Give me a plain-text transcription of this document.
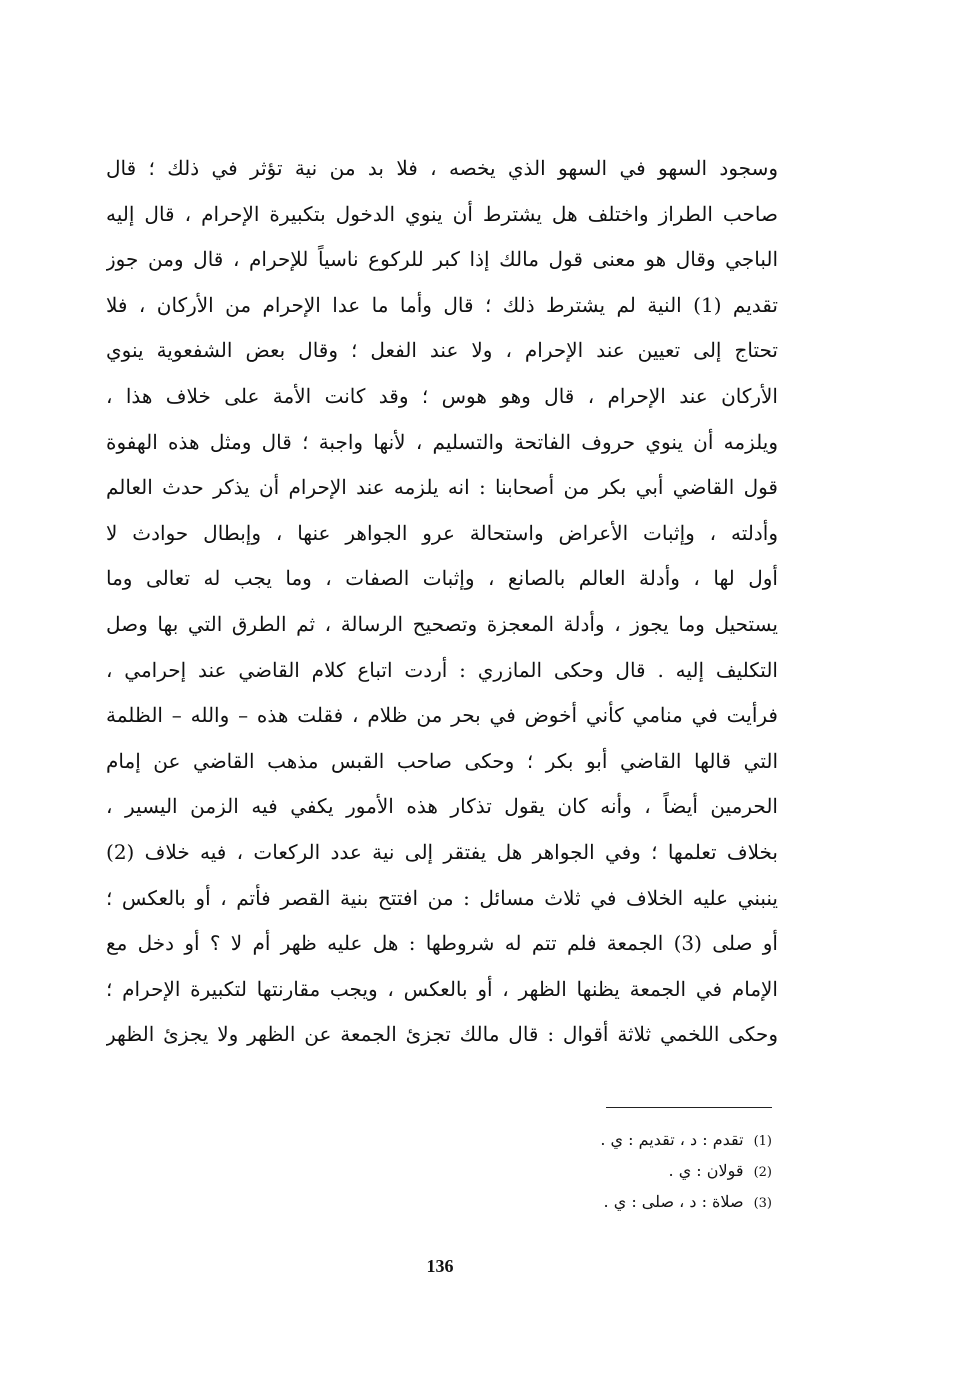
وسجود السهو في السهو الذي يخصه ، فلا بد من نية تؤثر في ذلك ؛ قال
صاحب الطراز واختلف هل يشترط أن ينوي الدخول بتكبيرة الإحرام ، قال إليه
الباجي وقال هو معنى قول مالك إذا كبر للركوع ناسياً للإحرام ، قال ومن جوز
تقديم (1) النية لم يشترط ذلك ؛ قال وأما ما عدا الإحرام من الأركان ، فلا
تحتاج إلى تعيين عند الإحرام ، ولا عند الفعل ؛ وقال بعض الشفعوية ينوي
الأركان عند الإحرام ، قال وهو هوس ؛ وقد كانت الأمة على خلاف هذا ،
ويلزمه أن ينوي حروف الفاتحة والتسليم ، لأنها واجبة ؛ قال ومثل هذه الهفوة
قول القاضي أبي بكر من أصحابنا : انه يلزمه عند الإحرام أن يذكر حدث العالم
وأدلته ، وإثبات الأعراض واستحالة عرو الجواهر عنها ، وإبطال حوادث لا
أول لها ، وأدلة العالم بالصانع ، وإثبات الصفات ، وما يجب له تعالى وما
يستحيل وما يجوز ، وأدلة المعجزة وتصحيح الرسالة ، ثم الطرق التي بها وصل
التكليف إليه . قال وحكى المازري : أردت اتباع كلام القاضي عند إحرامي ،
فرأيت في منامي كأني أخوض في بحر من ظلام ، فقلت هذه – والله – الظلمة
التي قالها القاضي أبو بكر ؛ وحكى صاحب القبس مذهب القاضي عن إمام
الحرمين أيضاً ، وأنه كان يقول تذكار هذه الأمور يكفي فيه الزمن اليسير ،
بخلاف تعلمها ؛ وفي الجواهر هل يفتقر إلى نية عدد الركعات ، فيه خلاف (2)
ينبني عليه الخلاف في ثلاث مسائل : من افتتح بنية القصر فأتم ، أو بالعكس ؛
أو صلى (3) الجمعة فلم تتم له شروطها : هل عليه ظهر أم لا ؟ أو دخل مع
الإمام في الجمعة يظنها الظهر ، أو بالعكس ، ويجب مقارنتها لتكبيرة الإحرام ؛
وحكى اللخمي ثلاثة أقوال : قال مالك تجزئ الجمعة عن الظهر ولا يجزئ الظهر
(1)تقدم : د ، تقديم : ي .
(2)قولان : ي .
(3)صلاة : د ، صلى : ي .
136
